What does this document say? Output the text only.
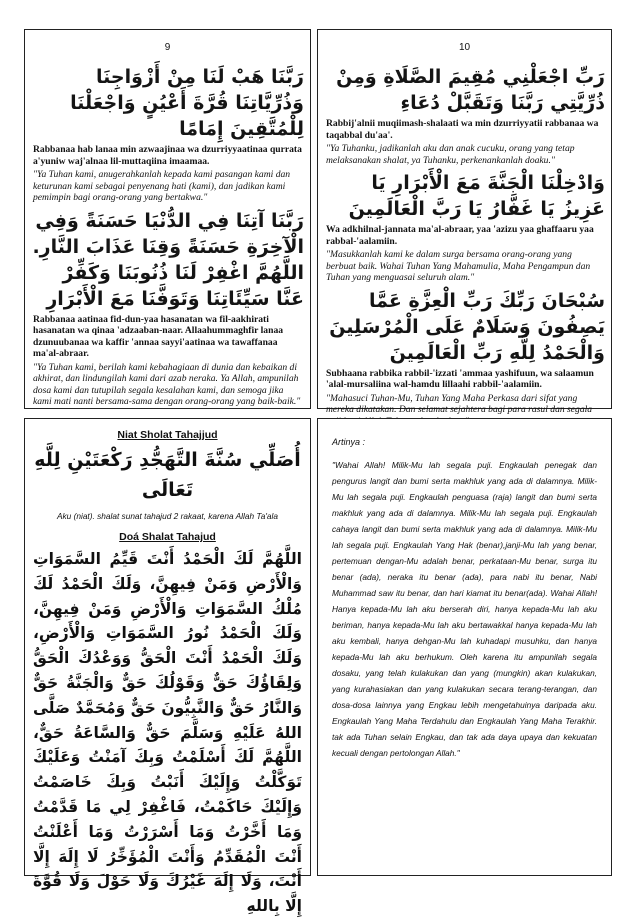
9
رَبَّنَا هَبْ لَنَا مِنْ أَزْوَاجِنَا وَذُرِّيَّاتِنَا قُرَّةَ أَعْيُنٍ وَاجْعَلْنَا لِلْمُتَّقِينَ إِمَامًا
Rabbanaa hab lanaa min azwaajinaa wa dzurriyyaatinaa qurrata a'yuniw waj'alnaa lil-muttaqiina imaamaa.
"Ya Tuhan kami, anugerahkanlah kepada kami pasangan kami dan keturunan kami sebagai penyenang hati (kami), dan jadikan kami pemimpin bagi orang-orang yang bertakwa."
رَبَّنَا آتِنَا فِي الدُّنْيَا حَسَنَةً وَفِي الْآخِرَةِ حَسَنَةً وَقِنَا عَذَابَ النَّارِ. اللَّهُمَّ اغْفِرْ لَنَا ذُنُوبَنَا وَكَفِّرْ عَنَّا سَيِّئَاتِنَا وَتَوَفَّنَا مَعَ الْأَبْرَارِ
Rabbanaa aatinaa fid-dun-yaa hasanatan wa fil-aakhirati hasanatan wa qinaa 'adzaaban-naar. Allaahummaghfir lanaa dzunuubanaa wa kaffir 'annaa sayyi'aatinaa wa tawaffanaa ma'al-abraar.
"Ya Tuhan kami, berilah kami kebahagiaan di dunia dan kebaikan di akhirat, dan lindungilah kami dari azab neraka. Ya Allah, ampunilah dosa kami dan tutupilah segala kesalahan kami, dan semoga jika kami mati nanti bersama-sama dengan orang-orang yang baik-baik."
10
رَبِّ اجْعَلْنِي مُقِيمَ الصَّلَاةِ وَمِنْ ذُرِّيَّتِي رَبَّنَا وَتَقَبَّلْ دُعَاءِ
Rabbij'alnii muqiimash-shalaati wa min dzurriyyatii rabbanaa wa taqabbal du'aa'.
"Ya Tuhanku, jadikanlah aku dan anak cucuku, orang yang tetap melaksanakan shalat, ya Tuhanku, perkenankanlah doaku."
وَادْخِلْنَا الْجَنَّةَ مَعَ الْأَبْرَارِ يَا عَزِيزُ يَا غَفَّارُ يَا رَبَّ الْعَالَمِينَ
Wa adkhilnal-jannata ma'al-abraar, yaa 'azizu yaa ghaffaaru yaa rabbal-'aalamiin.
"Masukkanlah kami ke dalam surga bersama orang-orang yang berbuat baik. Wahai Tuhan Yang Mahamulia, Maha Pengampun dan Tuhan yang menguasai seluruh alam."
سُبْحَانَ رَبِّكَ رَبِّ الْعِزَّةِ عَمَّا يَصِفُونَ وَسَلَامٌ عَلَى الْمُرْسَلِينَ وَالْحَمْدُ لِلَّهِ رَبِّ الْعَالَمِينَ
Subhaana rabbika rabbil-'izzati 'ammaa yashifuun, wa salaamun 'alal-mursaliina wal-hamdu lillaahi rabbil-'aalamiin.
"Mahasuci Tuhan-Mu, Tuhan Yang Maha Perkasa dari sifat yang mereka dikatakan. Dan selamat sejahtera bagi para rasul dan segala
Niat Sholat Tahajjud
أُصَلِّي سُنَّةَ التَّهَجُّدِ رَكْعَتَيْنِ لِلَّهِ تَعَالَى
Aku (niat). shalat sunat tahajud 2 rakaat, karena Allah Ta'ala
Doá Shalat Tahajud
اللَّهُمَّ لَكَ الْحَمْدُ أَنْتَ قَيِّمُ السَّمَوَاتِ وَالْأَرْضِ وَمَنْ فِيهِنَّ، وَلَكَ الْحَمْدُ لَكَ مُلْكُ السَّمَوَاتِ وَالْأَرْضِ وَمَنْ فِيهِنَّ، وَلَكَ الْحَمْدُ نُورُ السَّمَوَاتِ وَالْأَرْضِ، وَلَكَ الْحَمْدُ أَنْتَ الْحَقُّ وَوَعْدُكَ الْحَقُّ وَلِقَاؤُكَ حَقٌّ وَقَوْلُكَ حَقٌّ وَالْجَنَّةُ حَقٌّ وَالنَّارُ حَقٌّ وَالنَّبِيُّونَ حَقٌّ وَمُحَمَّدٌ صَلَّى اللهُ عَلَيْهِ وَسَلَّمَ حَقٌّ وَالسَّاعَةُ حَقٌّ، اللَّهُمَّ لَكَ أَسْلَمْتُ وَبِكَ آمَنْتُ وَعَلَيْكَ تَوَكَّلْتُ وَإِلَيْكَ أَنَبْتُ وَبِكَ خَاصَمْتُ وَإِلَيْكَ حَاكَمْتُ، فَاغْفِرْ لِي مَا قَدَّمْتُ وَمَا أَخَّرْتُ وَمَا أَسْرَرْتُ وَمَا أَعْلَنْتُ أَنْتَ الْمُقَدِّمُ وَأَنْتَ الْمُؤَخِّرُ لَا إِلَهَ إِلَّا أَنْتَ، وَلَا إِلَهَ غَيْرُكَ وَلَا حَوْلَ وَلَا قُوَّةَ إِلَّا بِاللهِ
Artinya :
"Wahai Allah! Milik-Mu lah segala puji. Engkaulah penegak dan pengurus langit dan bumi serta makhluk yang ada di dalamnya. Milik-Mu lah segala puji. Engkaulah penguasa (raja) langit dan bumi serta makhluk yang ada di dalamnya. Milik-Mu lah segala puji. Engkaulah cahaya langit dan bumi serta makhluk yang ada di dalamnya. Milik-Mu lah segala puji. Engkaulah Yang Hak (benar),janji-Mu lah yang benar, pertemuan dengan-Mu adalah benar, perkataan-Mu benar, surga itu benar (ada), neraka itu benar (ada), para nabi itu benar, Nabi Muhammad saw itu benar, dan hari kiamat itu benar(ada). Wahai Allah! Hanya kepada-Mu lah aku berserah diri, hanya kepada-Mu lah aku beriman, hanya kepada-Mu lah aku bertawakkal hanya kepada-Mu lah aku kembali, hanya dehgan-Mu lah kuhadapi musuhku, dan hanya kepada-Mu lah aku berhukum. Oleh karena itu ampunilah segala dosaku, yang telah kulakukan dan yang (mungkin) akan kulakukan, yang kurahasiakan dan yang kulakukan secara terang-terangan, dan dosa-dosa lainnya yang Engkau lebih mengetahuinya daripada aku. Engkaulah Yang Maha Terdahulu dan Engkaulah Yang Maha Terakhir. tak ada Tuhan selain Engkau, dan tak ada daya upaya dan kekuatan kecuali dengan pertolongan Allah."
